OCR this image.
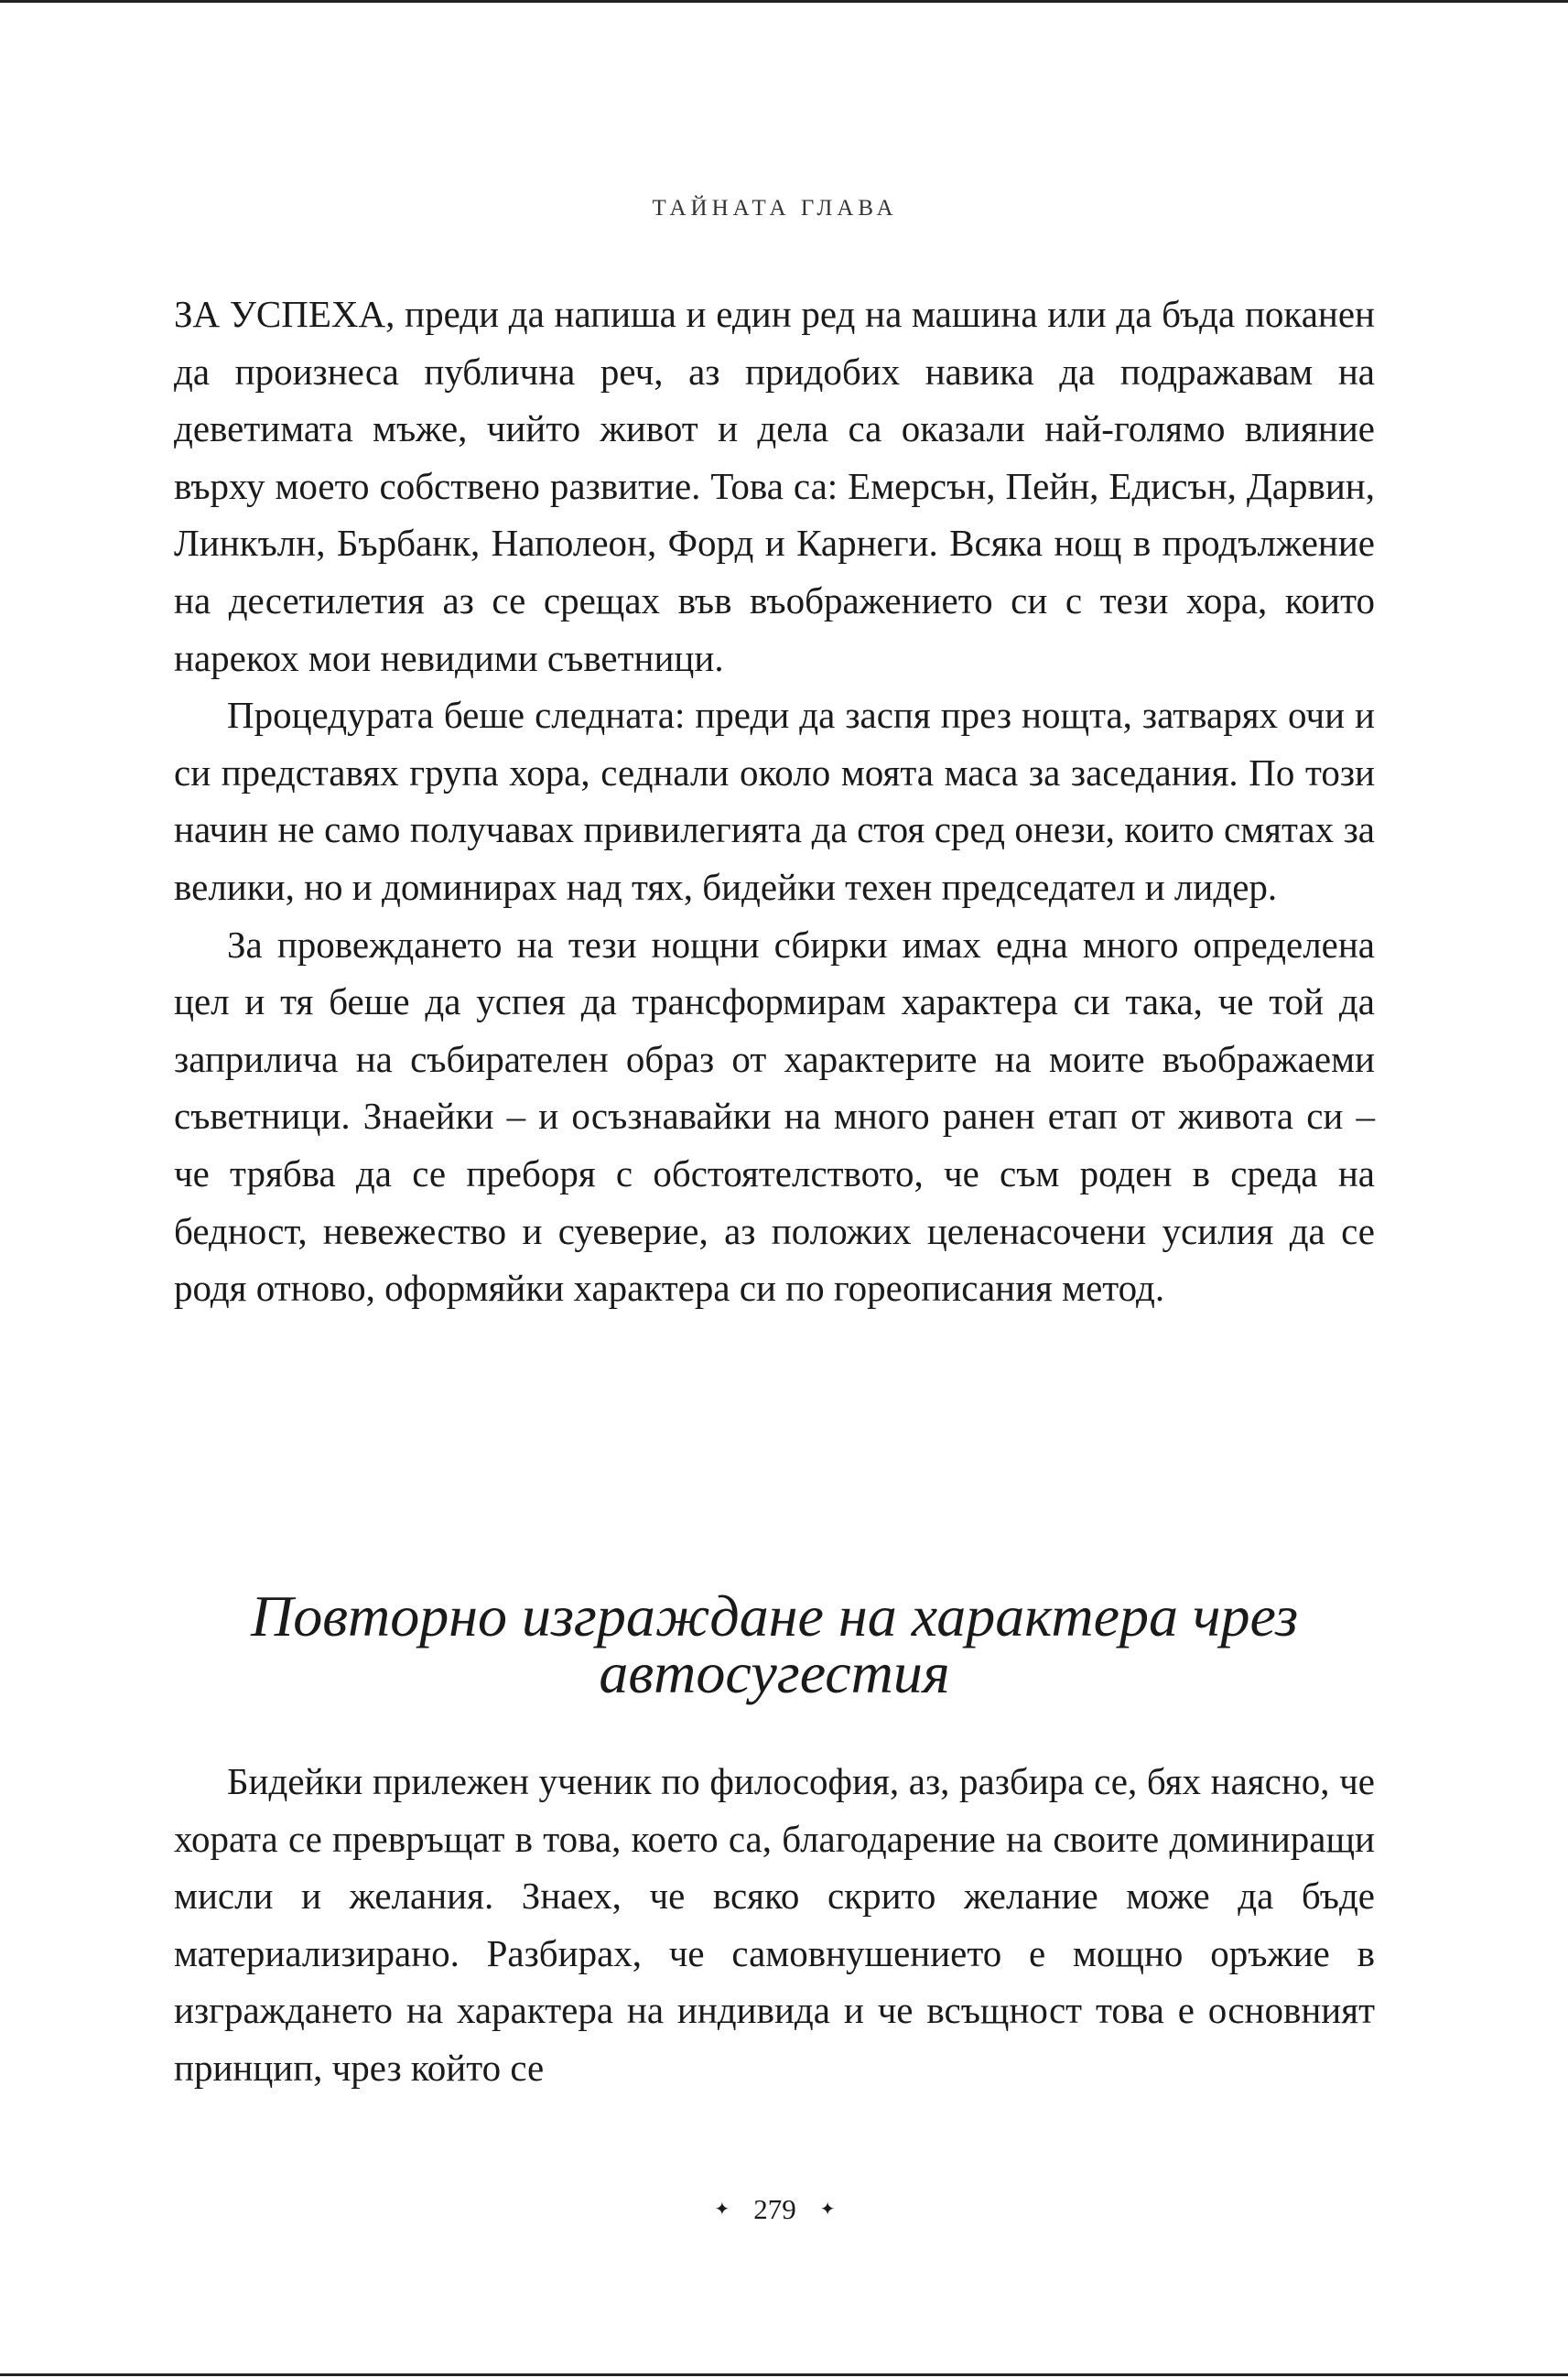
ТАЙНАТА ГЛАВА

ЗА УСПЕХА, преди да напиша и един ред на машина или да бъда поканен да произнеса публична реч, аз придобих навика да подражавам на деветимата мъже, чийто живот и дела са оказали най-голямо влияние върху моето собствено развитие. Това са: Емерсън, Пейн, Едисън, Дарвин, Линкълн, Бърбанк, Наполеон, Форд и Карнеги. Всяка нощ в продължение на десетилетия аз се срещах във въображението си с тези хора, които нарекох мои невидими съветници.

Процедурата беше следната: преди да заспя през нощта, затварях очи и си представях група хора, седнали около моята маса за заседания. По този начин не само получавах привилегията да стоя сред онези, които смятах за велики, но и доминирах над тях, бидейки техен председател и лидер.

За провеждането на тези нощни сбирки имах една много определена цел и тя беше да успея да трансформирам характера си така, че той да заприлича на събирателен образ от характерите на моите въображаеми съветници. Знаейки – и осъзнавайки на много ранен етап от живота си – че трябва да се преборя с обстоятелството, че съм роден в среда на бедност, невежество и суеверие, аз положих целенасочени усилия да се родя отново, оформяйки характера си по гореописания метод.

Повторно изграждане на характера чрез
автосугестия

Бидейки прилежен ученик по философия, аз, разбира се, бях наясно, че хората се превръщат в това, което са, благодарение на своите доминиращи мисли и желания. Знаех, че всяко скрито желание може да бъде материализирано. Разбирах, че самовнушението е мощно оръжие в изграждането на характера на индивида и че всъщност това е основният принцип, чрез който се

✦ 279 ✦
